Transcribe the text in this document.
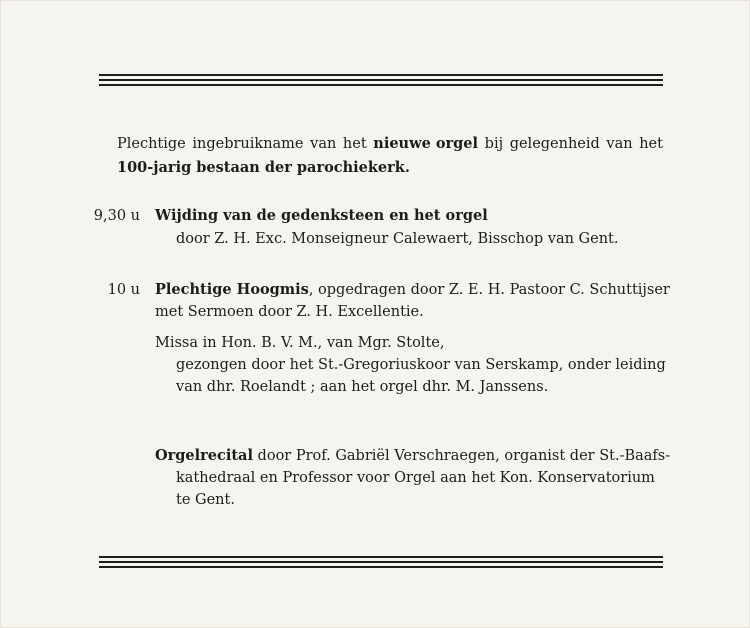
Plechtige ingebruikname van het nieuwe orgel bij gelegenheid van het
100-jarig bestaan der parochiekerk.
9,30 u Wijding van de gedenksteen en het orgel
door Z. H. Exc. Monseigneur Calewaert, Bisschop van Gent.
10 u Plechtige Hoogmis, opgedragen door Z. E. H. Pastoor C. Schuttijser
met Sermoen door Z. H. Excellentie.
Missa in Hon. B. V. M., van Mgr. Stolte,
gezongen door het St.-Gregoriuskoor van Serskamp, onder leiding
van dhr. Roelandt ; aan het orgel dhr. M. Janssens.
Orgelrecital door Prof. Gabriël Verschraegen, organist der St.-Baafs-
kathedraal en Professor voor Orgel aan het Kon. Konservatorium
te Gent.
